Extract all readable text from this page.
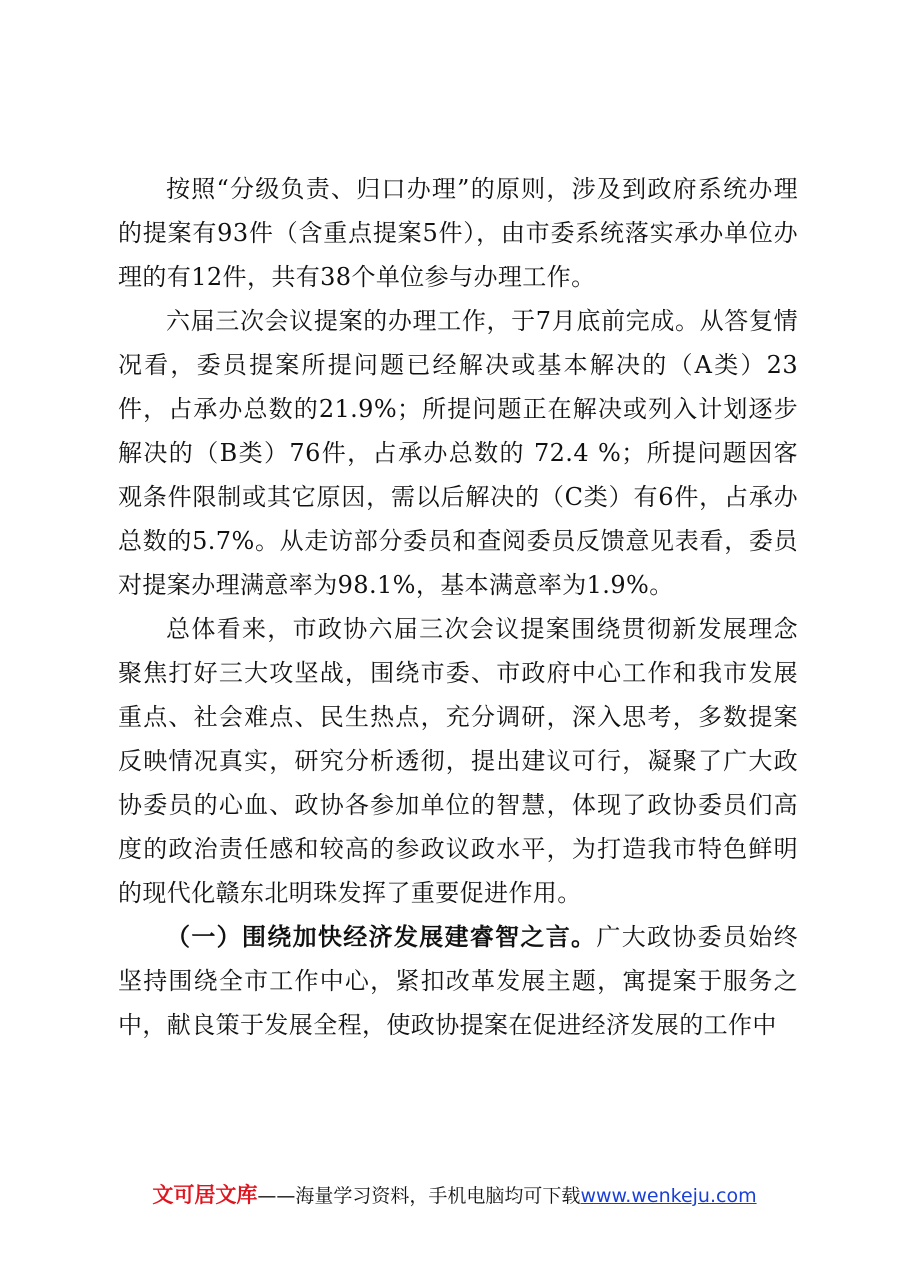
按照“分级负责、归口办理”的原则，涉及到政府系统办理的提案有93件（含重点提案5件），由市委系统落实承办单位办理的有12件，共有38个单位参与办理工作。

六届三次会议提案的办理工作，于7月底前完成。从答复情况看，委员提案所提问题已经解决或基本解决的（A类）23件，占承办总数的21.9%；所提问题正在解决或列入计划逐步解决的（B类）76件，占承办总数的 72.4 %；所提问题因客观条件限制或其它原因，需以后解决的（C类）有6件，占承办总数的5.7%。从走访部分委员和查阅委员反馈意见表看，委员对提案办理满意率为98.1%，基本满意率为1.9%。

总体看来，市政协六届三次会议提案围绕贯彻新发展理念聚焦打好三大攻坚战，围绕市委、市政府中心工作和我市发展重点、社会难点、民生热点，充分调研，深入思考，多数提案反映情况真实，研究分析透彻，提出建议可行，凝聚了广大政协委员的心血、政协各参加单位的智慧，体现了政协委员们高度的政治责任感和较高的参政议政水平，为打造我市特色鲜明的现代化赣东北明珠发挥了重要促进作用。

（一）围绕加快经济发展建睿智之言。广大政协委员始终坚持围绕全市工作中心，紧扣改革发展主题，寓提案于服务之中，献良策于发展全程，使政协提案在促进经济发展的工作中

文可居文库——海量学习资料，手机电脑均可下载www.wenkeju.com
